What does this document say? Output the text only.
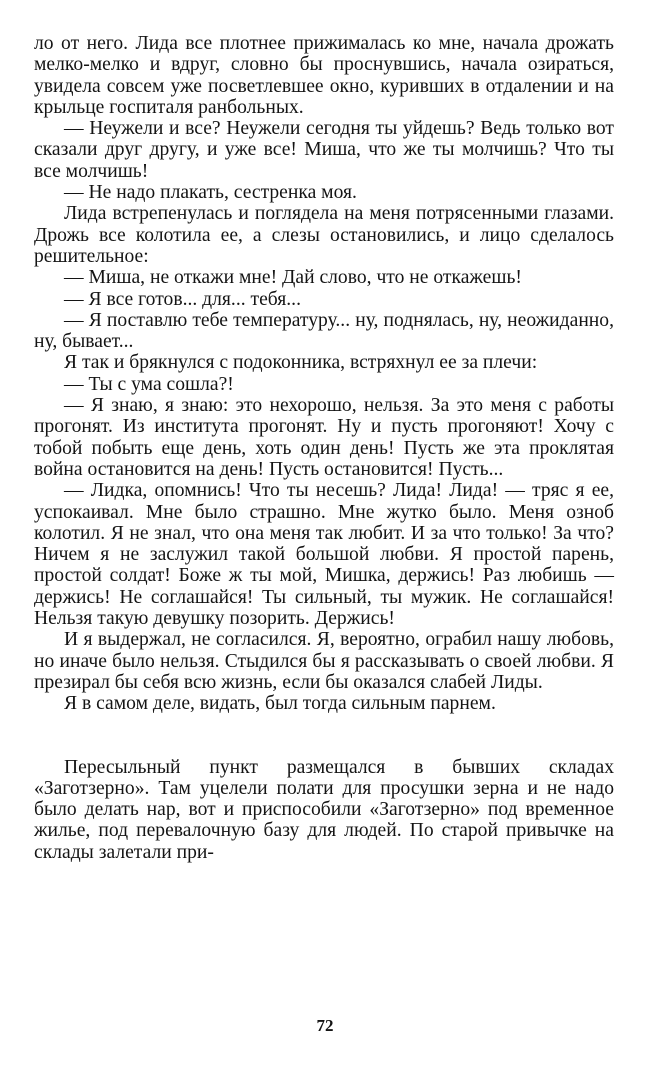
ло от него. Лида все плотнее прижималась ко мне, начала дрожать мелко-мелко и вдруг, словно бы проснувшись, начала озираться, увидела совсем уже посветлевшее окно, куривших в отдалении и на крыльце госпиталя ранбольных.

— Неужели и все? Неужели сегодня ты уйдешь? Ведь только вот сказали друг другу, и уже все! Миша, что же ты молчишь? Что ты все молчишь!

— Не надо плакать, сестренка моя.

Лида встрепенулась и поглядела на меня потрясенными глазами. Дрожь все колотила ее, а слезы остановились, и лицо сделалось решительное:

— Миша, не откажи мне! Дай слово, что не откажешь!

— Я все готов... для... тебя...

— Я поставлю тебе температуру... ну, поднялась, ну, неожиданно, ну, бывает...

Я так и брякнулся с подоконника, встряхнул ее за плечи:

— Ты с ума сошла?!

— Я знаю, я знаю: это нехорошо, нельзя. За это меня с работы прогонят. Из института прогонят. Ну и пусть прогоняют! Хочу с тобой побыть еще день, хоть один день! Пусть же эта проклятая война остановится на день! Пусть остановится! Пусть...

— Лидка, опомнись! Что ты несешь? Лида! Лида! — тряс я ее, успокаивал. Мне было страшно. Мне жутко было. Меня озноб колотил. Я не знал, что она меня так любит. И за что только! За что? Ничем я не заслужил такой большой любви. Я простой парень, простой солдат! Боже ж ты мой, Мишка, держись! Раз любишь — держись! Не соглашайся! Ты сильный, ты мужик. Не соглашайся! Нельзя такую девушку позорить. Держись!

И я выдержал, не согласился. Я, вероятно, ограбил нашу любовь, но иначе было нельзя. Стыдился бы я рассказывать о своей любви. Я презирал бы себя всю жизнь, если бы оказался слабей Лиды.

Я в самом деле, видать, был тогда сильным парнем.

Пересыльный пункт размещался в бывших складах «Заготзерно». Там уцелели полати для просушки зерна и не надо было делать нар, вот и приспособили «Заготзерно» под временное жилье, под перевалочную базу для людей. По старой привычке на склады залетали при-

72
